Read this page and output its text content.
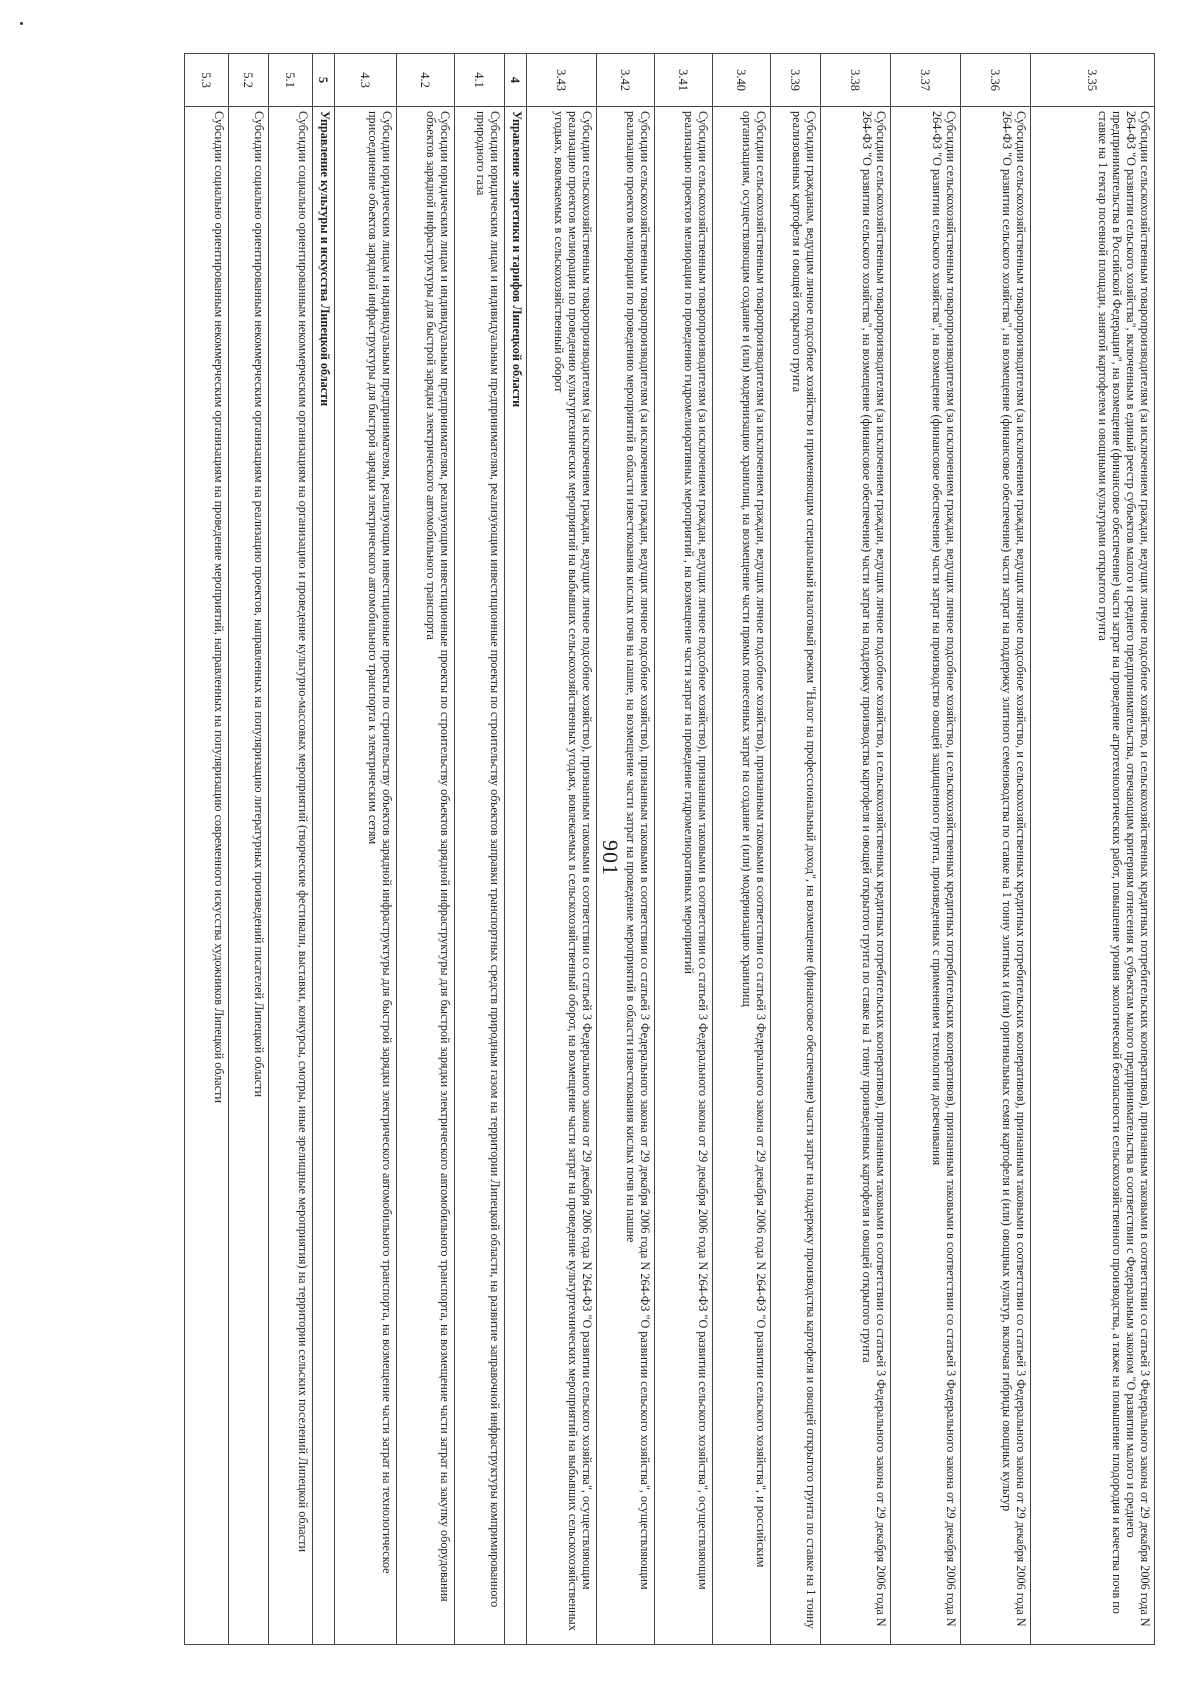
901
3.35	Субсидии сельскохозяйственным товаропроизводителям (за исключением граждан, ведущих личное подсобное хозяйство, и сельскохозяйственных кредитных потребительских кооперативов), признанным таковыми в соответствии со статьей 3 Федерального закона от 29 декабря 2006 года N 264-ФЗ "О развитии сельского хозяйства", включенным в единый реестр субъектов малого и среднего предпринимательства, отвечающим критериям отнесения к субъектам малого предпринимательства в соответствии с Федеральным законом "О развитии малого и среднего предпринимательства в Российской Федерации", на возмещение (финансовое обеспечение) части затрат на проведение агротехнологических работ, повышение уровня экологической безопасности сельскохозяйственного производства, а также на повышение плодородия и качества почв по ставке на 1 гектар посевной площади, занятой картофелем и овощными культурами открытого грунта
3.36	Субсидии сельскохозяйственным товаропроизводителям (за исключением граждан, ведущих личное подсобное хозяйство, и сельскохозяйственных кредитных потребительских кооперативов), признанным таковыми в соответствии со статьей 3 Федерального закона от 29 декабря 2006 года N 264-ФЗ "О развитии сельского хозяйства", на возмещение (финансовое обеспечение) части затрат на поддержку элитного семеноводства по ставке на 1 тонну элитных и (или) оригинальных семян картофеля и (или) овощных культур, включая гибриды овощных культур
3.37	Субсидии сельскохозяйственным товаропроизводителям (за исключением граждан, ведущих личное подсобное хозяйство, и сельскохозяйственных кредитных потребительских кооперативов), признанным таковыми в соответствии со статьей 3 Федерального закона от 29 декабря 2006 года N 264-ФЗ "О развитии сельского хозяйства", на возмещение (финансовое обеспечение) части затрат на производство овощей защищенного грунта, произведенных с применением технологии досвечивания
3.38	Субсидии сельскохозяйственным товаропроизводителям (за исключением граждан, ведущих личное подсобное хозяйство, и сельскохозяйственных кредитных потребительских кооперативов), признанным таковыми в соответствии со статьей 3 Федерального закона от 29 декабря 2006 года N 264-ФЗ "О развитии сельского хозяйства", на возмещение (финансовое обеспечение) части затрат на поддержку производства картофеля и овощей открытого грунта по ставке на 1 тонну произведенных картофеля и овощей открытого грунта
3.39	Субсидии гражданам, ведущим личное подсобное хозяйство и применяющим специальный налоговый режим "Налог на профессиональный доход", на возмещение (финансовое обеспечение) части затрат на поддержку производства картофеля и овощей открытого грунта по ставке на 1 тонну реализованных картофеля и овощей открытого грунта
3.40	Субсидии сельскохозяйственным товаропроизводителям (за исключением граждан, ведущих личное подсобное хозяйство), признанным таковыми в соответствии со статьей 3 Федерального закона от 29 декабря 2006 года N 264-ФЗ "О развитии сельского хозяйства", и российским организациям, осуществляющим создание и (или) модернизацию хранилищ, на возмещение части прямых понесенных затрат на создание и (или) модернизацию хранилищ
3.41	Субсидии сельскохозяйственным товаропроизводителям (за исключением граждан, ведущих личное подсобное хозяйство), признанным таковыми в соответствии со статьей 3 Федерального закона от 29 декабря 2006 года N 264-ФЗ "О развитии сельского хозяйства", осуществляющим реализацию проектов мелиорации по проведению гидромелиоративных мероприятий , на возмещение части затрат на проведение гидромелиоративных мероприятий
3.42	Субсидии сельскохозяйственным товаропроизводителям (за исключением граждан, ведущих личное подсобное хозяйство), признанным таковыми в соответствии со статьей 3 Федерального закона от 29 декабря 2006 года N 264-ФЗ "О развитии сельского хозяйства", осуществляющим реализацию проектов мелиорации по проведению мероприятий в области известкования кислых почв на пашне, на возмещение части затрат на проведение мероприятий в области известкования кислых почв на пашне
3.43	Субсидии сельскохозяйственным товаропроизводителям (за исключением граждан, ведущих личное подсобное хозяйство), признанным таковыми в соответствии со статьей 3 Федерального закона от 29 декабря 2006 года N 264-ФЗ "О развитии сельского хозяйства", осуществляющим реализацию проектов мелиорации по проведению культуртехнических мероприятий на выбывших сельскохозяйственных угодьях, вовлекаемых в сельскохозяйственный оборот, на возмещение части затрат на проведение культуртехнических мероприятий на выбывших сельскохозяйственных угодьях, вовлекаемых в сельскохозяйственный оборот
4	Управление энергетики и тарифов Липецкой области
4.1	Субсидии юридическим лицам и индивидуальным предпринимателям, реализующим инвестиционные проекты по строительству объектов заправки транспортных средств природным газом на территории Липецкой области, на развитие заправочной инфраструктуры компримированного природного газа
4.2	Субсидии юридическим лицам и индивидуальным предпринимателям, реализующим инвестиционные проекты по строительству объектов зарядной инфраструктуры для быстрой зарядки электрического автомобильного транспорта, на возмещение части затрат на закупку оборудования объектов зарядной инфраструктуры для быстрой зарядки электрического автомобильного транспорта
4.3	Субсидии юридическим лицам и индивидуальным предпринимателям, реализующим инвестиционные проекты по строительству объектов зарядной инфраструктуры для быстрой зарядки электрического автомобильного транспорта, на возмещение части затрат на технологическое присоединение объектов зарядной инфраструктуры для быстрой зарядки электрического автомобильного транспорта к электрическим сетям
5	Управление культуры и искусства Липецкой области
5.1	Субсидии социально ориентированным некоммерческим организациям на организацию и проведение культурно-массовых мероприятий (творческие фестивали, выставки, конкурсы, смотры, иные зрелищные мероприятия) на территории сельских поселений Липецкой области
5.2	Субсидии социально ориентированным некоммерческим организациям на реализацию проектов, направленных на популяризацию литературных произведений писателей Липецкой области
5.3	Субсидии социально ориентированным некоммерческим организациям на проведение мероприятий, направленных на популяризацию современного искусства художников Липецкой области
